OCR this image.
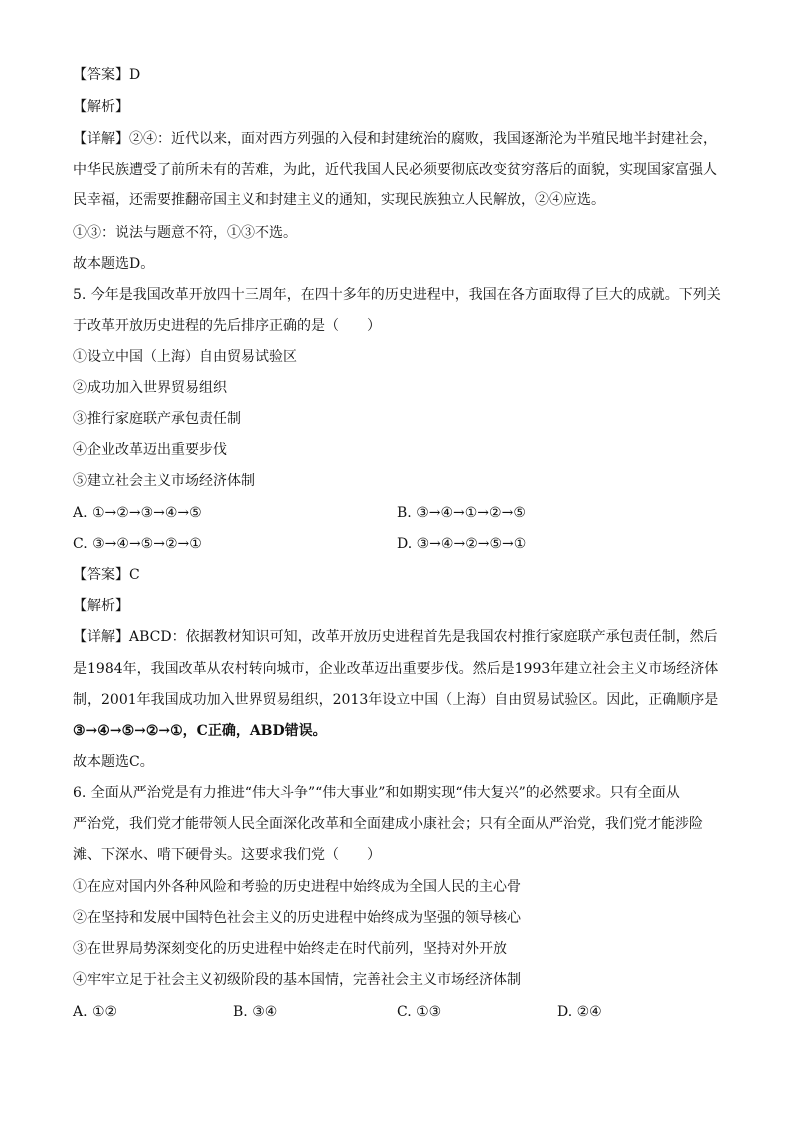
【答案】D
【解析】
【详解】②④：近代以来，面对西方列强的入侵和封建统治的腐败，我国逐渐沦为半殖民地半封建社会，
中华民族遭受了前所未有的苦难，为此，近代我国人民必须要彻底改变贫穷落后的面貌，实现国家富强人
民幸福，还需要推翻帝国主义和封建主义的通知，实现民族独立人民解放，②④应选。
①③：说法与题意不符，①③不选。
故本题选D。
5. 今年是我国改革开放四十三周年，在四十多年的历史进程中，我国在各方面取得了巨大的成就。下列关
于改革开放历史进程的先后排序正确的是（　　）
①设立中国（上海）自由贸易试验区
②成功加入世界贸易组织
③推行家庭联产承包责任制
④企业改革迈出重要步伐
⑤建立社会主义市场经济体制
A. ①→②→③→④→⑤	B. ③→④→①→②→⑤
C. ③→④→⑤→②→①	D. ③→④→②→⑤→①
【答案】C
【解析】
【详解】ABCD：依据教材知识可知，改革开放历史进程首先是我国农村推行家庭联产承包责任制，然后
是1984年，我国改革从农村转向城市，企业改革迈出重要步伐。然后是1993年建立社会主义市场经济体
制，2001年我国成功加入世界贸易组织，2013年设立中国（上海）自由贸易试验区。因此，正确顺序是
③→④→⑤→②→①，C正确，ABD错误。
故本题选C。
6. 全面从严治党是有力推进“伟大斗争”“伟大事业”和如期实现“伟大复兴”的必然要求。只有全面从
严治党，我们党才能带领人民全面深化改革和全面建成小康社会；只有全面从严治党，我们党才能涉险
滩、下深水、啃下硬骨头。这要求我们党（　　）
①在应对国内外各种风险和考验的历史进程中始终成为全国人民的主心骨
②在坚持和发展中国特色社会主义的历史进程中始终成为坚强的领导核心
③在世界局势深刻变化的历史进程中始终走在时代前列，坚持对外开放
④牢牢立足于社会主义初级阶段的基本国情，完善社会主义市场经济体制
A. ①②	B. ③④	C. ①③	D. ②④
